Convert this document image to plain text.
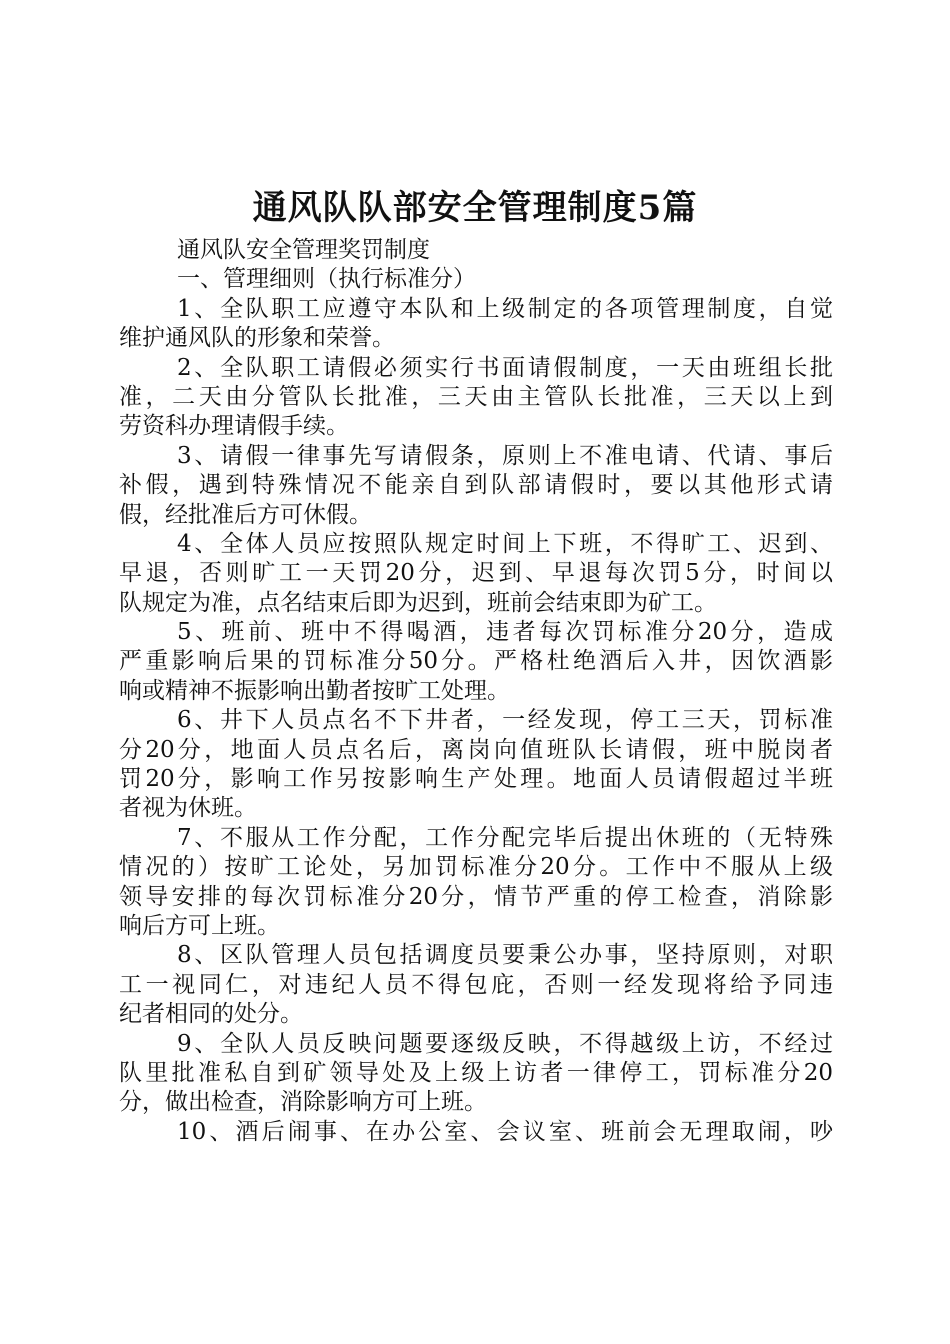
通风队队部安全管理制度5篇
通风队安全管理奖罚制度
一、管理细则（执行标准分）
1、全队职工应遵守本队和上级制定的各项管理制度，自觉
维护通风队的形象和荣誉。
2、全队职工请假必须实行书面请假制度，一天由班组长批
准，二天由分管队长批准，三天由主管队长批准，三天以上到
劳资科办理请假手续。
3、请假一律事先写请假条，原则上不准电请、代请、事后
补假，遇到特殊情况不能亲自到队部请假时，要以其他形式请
假，经批准后方可休假。
4、全体人员应按照队规定时间上下班，不得旷工、迟到、
早退，否则旷工一天罚20分，迟到、早退每次罚5分，时间以
队规定为准，点名结束后即为迟到，班前会结束即为矿工。
5、班前、班中不得喝酒，违者每次罚标准分20分，造成
严重影响后果的罚标准分50分。严格杜绝酒后入井，因饮酒影
响或精神不振影响出勤者按旷工处理。
6、井下人员点名不下井者，一经发现，停工三天，罚标准
分20分，地面人员点名后，离岗向值班队长请假，班中脱岗者
罚20分，影响工作另按影响生产处理。地面人员请假超过半班
者视为休班。
7、不服从工作分配，工作分配完毕后提出休班的（无特殊
情况的）按旷工论处，另加罚标准分20分。工作中不服从上级
领导安排的每次罚标准分20分，情节严重的停工检查，消除影
响后方可上班。
8、区队管理人员包括调度员要秉公办事，坚持原则，对职
工一视同仁，对违纪人员不得包庇，否则一经发现将给予同违
纪者相同的处分。
9、全队人员反映问题要逐级反映，不得越级上访，不经过
队里批准私自到矿领导处及上级上访者一律停工，罚标准分20
分，做出检查，消除影响方可上班。
10、酒后闹事、在办公室、会议室、班前会无理取闹，吵
